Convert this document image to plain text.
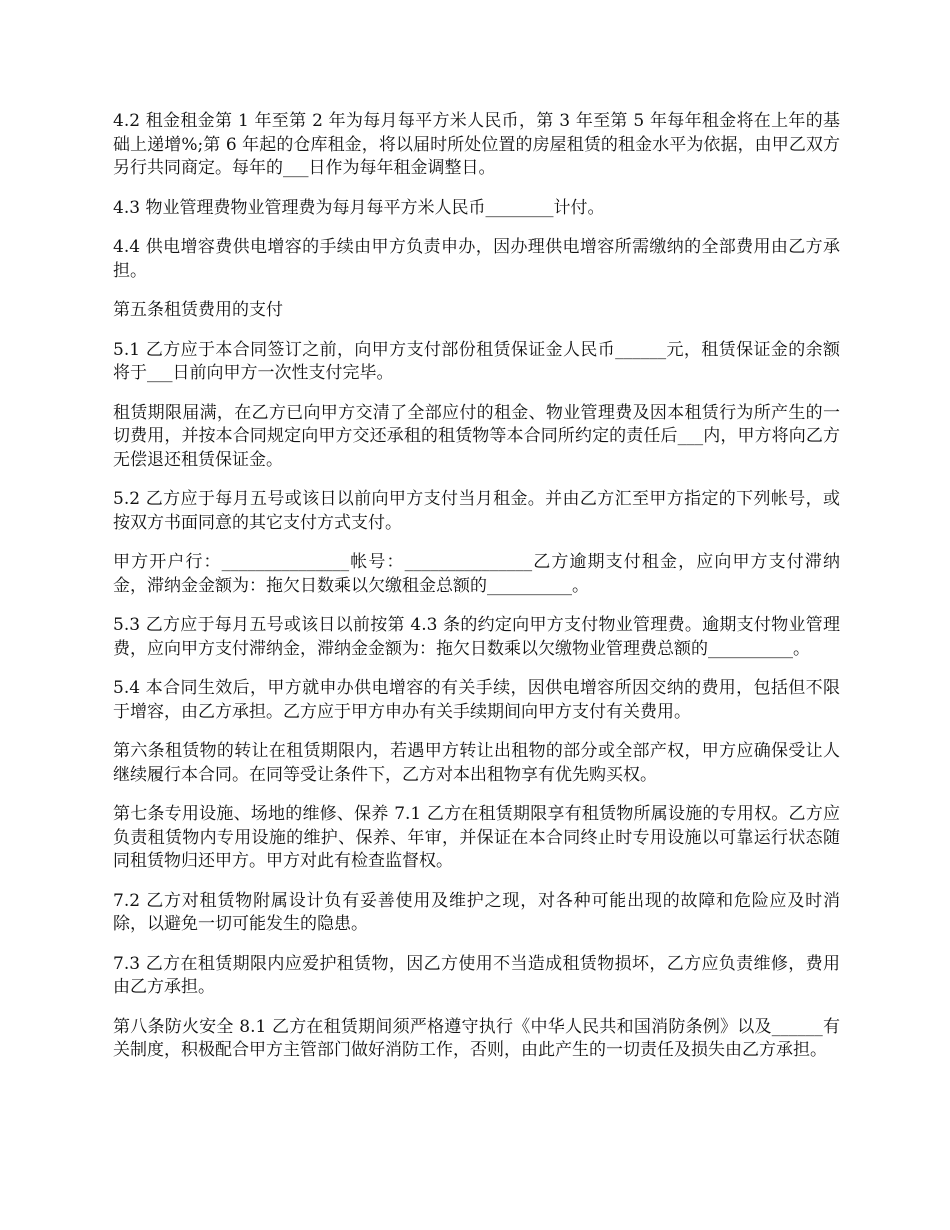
4.2 租金租金第 1 年至第 2 年为每月每平方米人民币，第 3 年至第 5 年每年租金将在上年的基础上递增%;第 6 年起的仓库租金，将以届时所处位置的房屋租赁的租金水平为依据，由甲乙双方另行共同商定。每年的___日作为每年租金调整日。

4.3 物业管理费物业管理费为每月每平方米人民币________计付。

4.4 供电增容费供电增容的手续由甲方负责申办，因办理供电增容所需缴纳的全部费用由乙方承担。

第五条租赁费用的支付

5.1 乙方应于本合同签订之前，向甲方支付部份租赁保证金人民币______元，租赁保证金的余额将于___日前向甲方一次性支付完毕。

租赁期限届满，在乙方已向甲方交清了全部应付的租金、物业管理费及因本租赁行为所产生的一切费用，并按本合同规定向甲方交还承租的租赁物等本合同所约定的责任后___内，甲方将向乙方无偿退还租赁保证金。

5.2 乙方应于每月五号或该日以前向甲方支付当月租金。并由乙方汇至甲方指定的下列帐号，或按双方书面同意的其它支付方式支付。

甲方开户行：_______________帐号：_______________乙方逾期支付租金，应向甲方支付滞纳金，滞纳金金额为：拖欠日数乘以欠缴租金总额的__________。

5.3 乙方应于每月五号或该日以前按第 4.3 条的约定向甲方支付物业管理费。逾期支付物业管理费，应向甲方支付滞纳金，滞纳金金额为：拖欠日数乘以欠缴物业管理费总额的__________。

5.4 本合同生效后，甲方就申办供电增容的有关手续，因供电增容所因交纳的费用，包括但不限于增容，由乙方承担。乙方应于甲方申办有关手续期间向甲方支付有关费用。

第六条租赁物的转让在租赁期限内，若遇甲方转让出租物的部分或全部产权，甲方应确保受让人继续履行本合同。在同等受让条件下，乙方对本出租物享有优先购买权。

第七条专用设施、场地的维修、保养 7.1 乙方在租赁期限享有租赁物所属设施的专用权。乙方应负责租赁物内专用设施的维护、保养、年审，并保证在本合同终止时专用设施以可靠运行状态随同租赁物归还甲方。甲方对此有检查监督权。

7.2 乙方对租赁物附属设计负有妥善使用及维护之现，对各种可能出现的故障和危险应及时消除，以避免一切可能发生的隐患。

7.3 乙方在租赁期限内应爱护租赁物，因乙方使用不当造成租赁物损坏，乙方应负责维修，费用由乙方承担。

第八条防火安全 8.1 乙方在租赁期间须严格遵守执行《中华人民共和国消防条例》以及______有关制度，积极配合甲方主管部门做好消防工作，否则，由此产生的一切责任及损失由乙方承担。
